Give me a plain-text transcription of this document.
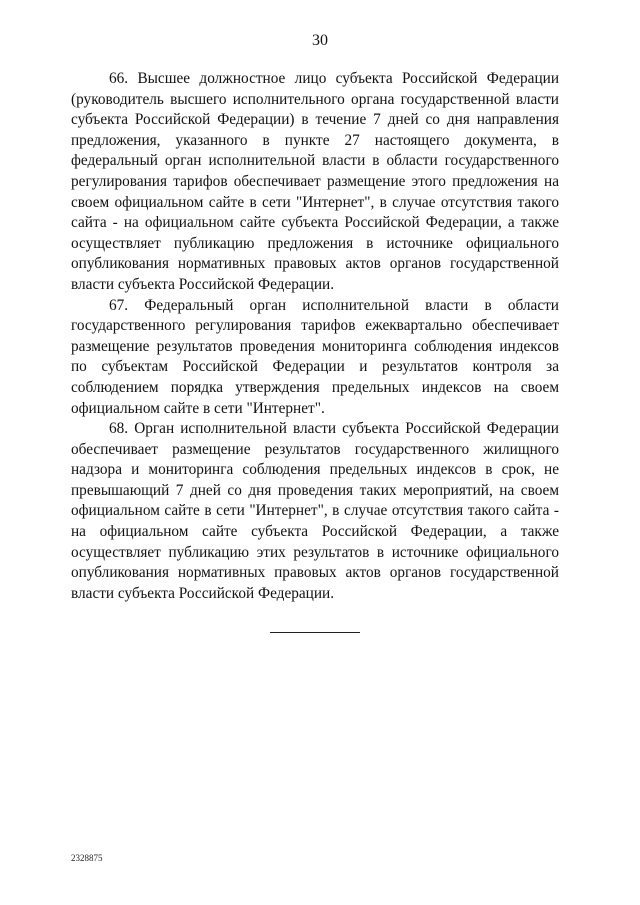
30

66. Высшее должностное лицо субъекта Российской Федерации (руководитель высшего исполнительного органа государственной власти субъекта Российской Федерации) в течение 7 дней со дня направления предложения, указанного в пункте 27 настоящего документа, в федеральный орган исполнительной власти в области государственного регулирования тарифов обеспечивает размещение этого предложения на своем официальном сайте в сети "Интернет", в случае отсутствия такого сайта - на официальном сайте субъекта Российской Федерации, а также осуществляет публикацию предложения в источнике официального опубликования нормативных правовых актов органов государственной власти субъекта Российской Федерации.

67. Федеральный орган исполнительной власти в области государственного регулирования тарифов ежеквартально обеспечивает размещение результатов проведения мониторинга соблюдения индексов по субъектам Российской Федерации и результатов контроля за соблюдением порядка утверждения предельных индексов на своем официальном сайте в сети "Интернет".

68. Орган исполнительной власти субъекта Российской Федерации обеспечивает размещение результатов государственного жилищного надзора и мониторинга соблюдения предельных индексов в срок, не превышающий 7 дней со дня проведения таких мероприятий, на своем официальном сайте в сети "Интернет", в случае отсутствия такого сайта - на официальном сайте субъекта Российской Федерации, а также осуществляет публикацию этих результатов в источнике официального опубликования нормативных правовых актов органов государственной власти субъекта Российской Федерации.

2328875
